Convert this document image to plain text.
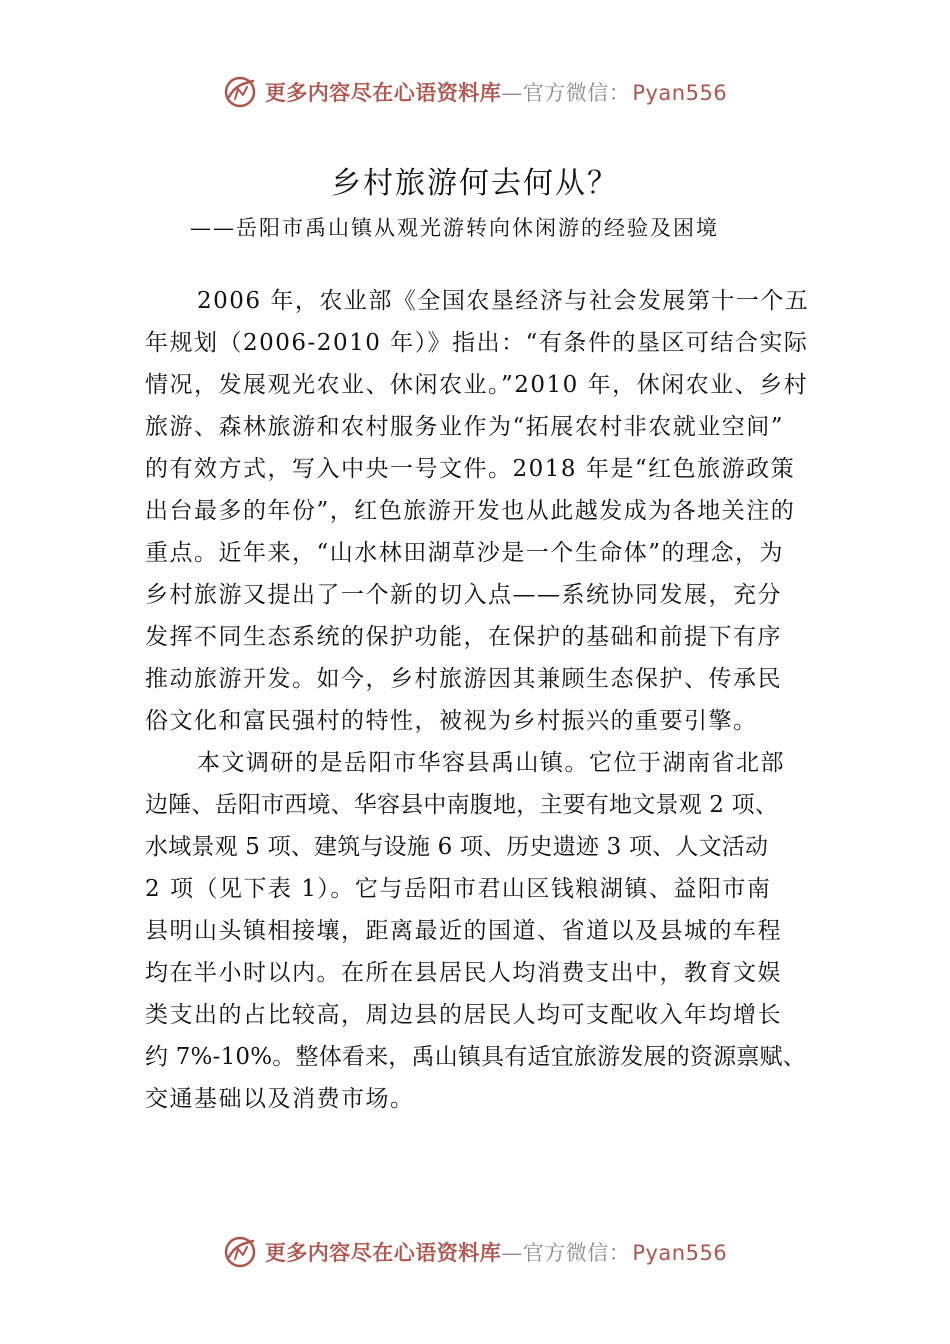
更多内容尽在心语资料库—官方微信：Pyan556
乡村旅游何去何从？
——岳阳市禹山镇从观光游转向休闲游的经验及困境
2006 年，农业部《全国农垦经济与社会发展第十一个五
年规划（2006-2010 年）》指出：“有条件的垦区可结合实际
情况，发展观光农业、休闲农业。”2010 年，休闲农业、乡村
旅游、森林旅游和农村服务业作为“拓展农村非农就业空间”
的有效方式，写入中央一号文件。2018 年是“红色旅游政策
出台最多的年份”，红色旅游开发也从此越发成为各地关注的
重点。近年来，“山水林田湖草沙是一个生命体”的理念，为
乡村旅游又提出了一个新的切入点——系统协同发展，充分
发挥不同生态系统的保护功能，在保护的基础和前提下有序
推动旅游开发。如今，乡村旅游因其兼顾生态保护、传承民
俗文化和富民强村的特性，被视为乡村振兴的重要引擎。
本文调研的是岳阳市华容县禹山镇。它位于湖南省北部
边陲、岳阳市西境、华容县中南腹地，主要有地文景观 2 项、
水域景观 5 项、建筑与设施 6 项、历史遗迹 3 项、人文活动
2 项（见下表 1）。它与岳阳市君山区钱粮湖镇、益阳市南
县明山头镇相接壤，距离最近的国道、省道以及县城的车程
均在半小时以内。在所在县居民人均消费支出中，教育文娱
类支出的占比较高，周边县的居民人均可支配收入年均增长
约 7%-10%。整体看来，禹山镇具有适宜旅游发展的资源禀赋、
交通基础以及消费市场。
更多内容尽在心语资料库—官方微信：Pyan556
